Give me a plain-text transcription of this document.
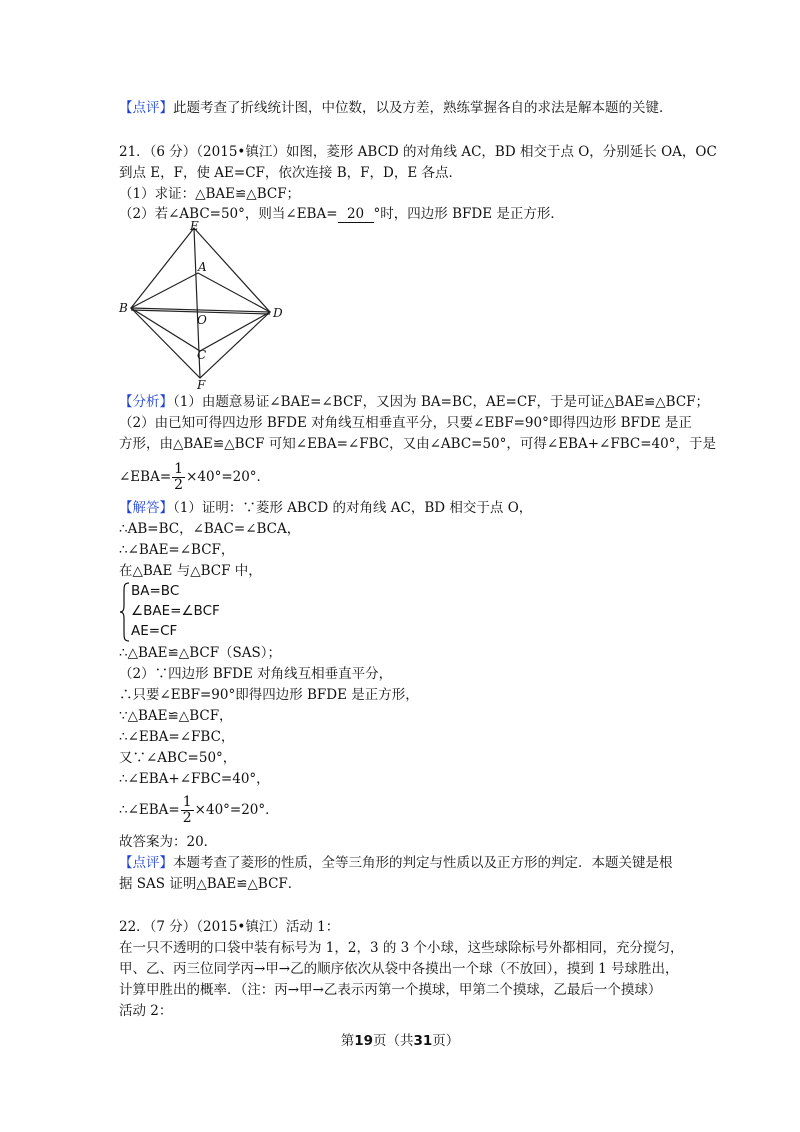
【点评】此题考查了折线统计图，中位数，以及方差，熟练掌握各自的求法是解本题的关键．
21．（6 分）（2015•镇江）如图，菱形 ABCD 的对角线 AC，BD 相交于点 O，分别延长 OA，OC
到点 E，F，使 AE=CF，依次连接 B，F，D，E 各点．
（1）求证：△BAE≌△BCF；
（2）若∠ABC=50°，则当∠EBA= 20 °时，四边形 BFDE 是正方形．
E
A
B
O	D
C
F
【分析】（1）由题意易证∠BAE=∠BCF，又因为 BA=BC，AE=CF，于是可证△BAE≌△BCF；
（2）由已知可得四边形 BFDE 对角线互相垂直平分，只要∠EBF=90°即得四边形 BFDE 是正
方形，由△BAE≌△BCF 可知∠EBA=∠FBC，又由∠ABC=50°，可得∠EBA+∠FBC=40°，于是
∠EBA= $\frac{1}{2} \times 40^\circ=20^\circ$．
【解答】（1）证明：∵菱形 ABCD 的对角线 AC，BD 相交于点 O，
∴AB=BC，∠BAC=∠BCA，
∴∠BAE=∠BCF，
在△BAE 与△BCF 中，
BA=BC
∠BAE=∠BCF
AE=CF
∴△BAE≌△BCF（SAS）；
（2）∵四边形 BFDE 对角线互相垂直平分，
∴只要∠EBF=90°即得四边形 BFDE 是正方形，
∵△BAE≌△BCF，
∴∠EBA=∠FBC，
又∵∠ABC=50°，
∴∠EBA+∠FBC=40°，
∴∠EBA= $\frac{1}{2} \times 40^\circ=20^\circ$．
故答案为：20．
【点评】本题考查了菱形的性质，全等三角形的判定与性质以及正方形的判定．本题关键是根
据 SAS 证明△BAE≌△BCF．
22．（7 分）（2015•镇江）活动 1：
在一只不透明的口袋中装有标号为 1，2，3 的 3 个小球，这些球除标号外都相同，充分搅匀，
甲、乙、丙三位同学丙→甲→乙的顺序依次从袋中各摸出一个球（不放回），摸到 1 号球胜出，
计算甲胜出的概率．（注：丙→甲→乙表示丙第一个摸球，甲第二个摸球，乙最后一个摸球）
活动 2：
第19页（共31页）
